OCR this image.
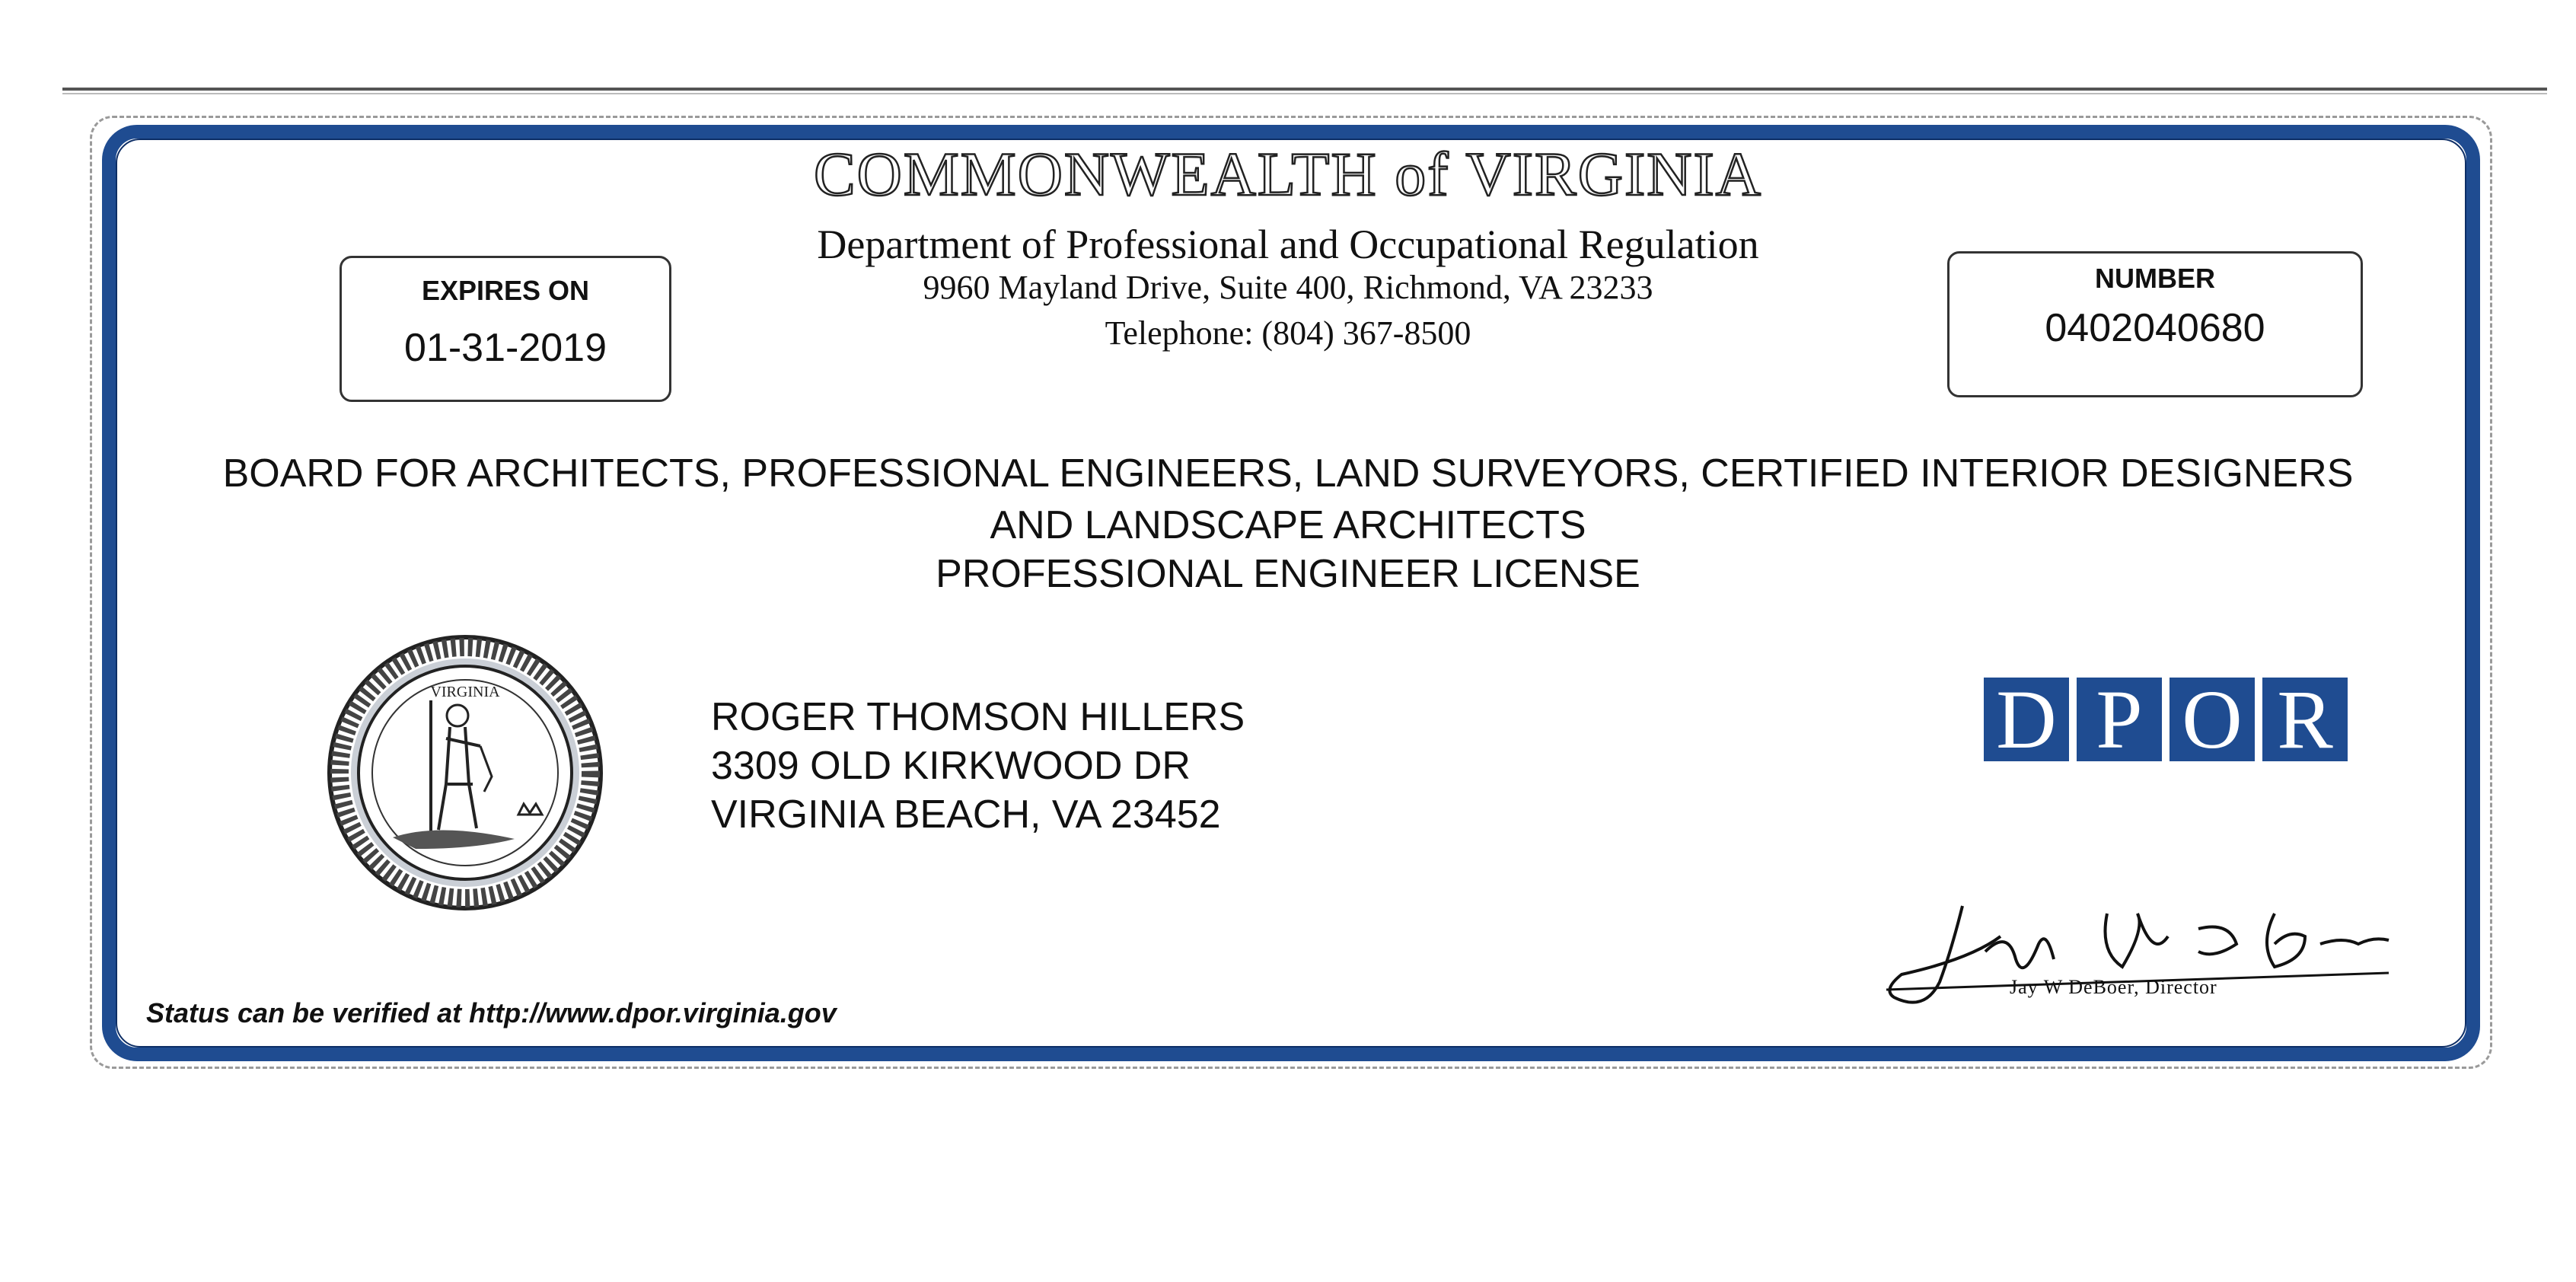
COMMONWEALTH of VIRGINIA
Department of Professional and Occupational Regulation
9960 Mayland Drive, Suite 400, Richmond, VA 23233
Telephone: (804) 367-8500
EXPIRES ON
01-31-2019
NUMBER
0402040680
BOARD FOR ARCHITECTS, PROFESSIONAL ENGINEERS, LAND SURVEYORS, CERTIFIED INTERIOR DESIGNERS
AND LANDSCAPE ARCHITECTS
PROFESSIONAL ENGINEER LICENSE
VIRGINIA
ROGER THOMSON HILLERS
3309 OLD KIRKWOOD DR
VIRGINIA BEACH, VA 23452
D P O R
Jay W DeBoer, Director
Status can be verified at http://www.dpor.virginia.gov
